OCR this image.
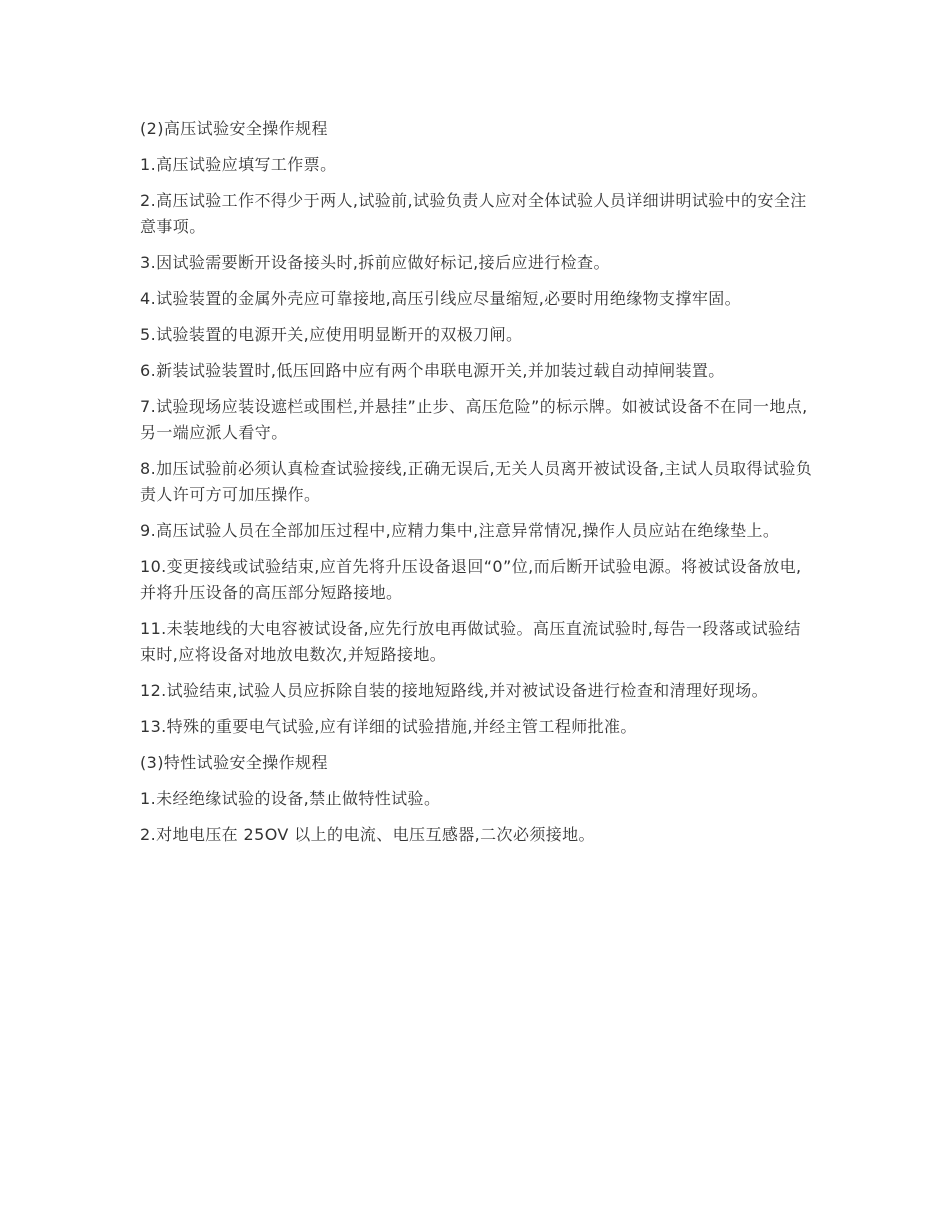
(2)高压试验安全操作规程

1.高压试验应填写工作票。

2.高压试验工作不得少于两人,试验前,试验负责人应对全体试验人员详细讲明试验中的安全注意事项。

3.因试验需要断开设备接头时,拆前应做好标记,接后应进行检查。

4.试验装置的金属外壳应可靠接地,高压引线应尽量缩短,必要时用绝缘物支撑牢固。

5.试验装置的电源开关,应使用明显断开的双极刀闸。

6.新装试验装置时,低压回路中应有两个串联电源开关,并加装过载自动掉闸装置。

7.试验现场应装设遮栏或围栏,并悬挂”止步、高压危险”的标示牌。如被试设备不在同一地点,另一端应派人看守。

8.加压试验前必须认真检查试验接线,正确无误后,无关人员离开被试设备,主试人员取得试验负责人许可方可加压操作。

9.高压试验人员在全部加压过程中,应精力集中,注意异常情况,操作人员应站在绝缘垫上。

10.变更接线或试验结束,应首先将升压设备退回“0”位,而后断开试验电源。将被试设备放电,并将升压设备的高压部分短路接地。

11.未装地线的大电容被试设备,应先行放电再做试验。高压直流试验时,每告一段落或试验结束时,应将设备对地放电数次,并短路接地。

12.试验结束,试验人员应拆除自装的接地短路线,并对被试设备进行检查和清理好现场。

13.特殊的重要电气试验,应有详细的试验措施,并经主管工程师批准。

(3)特性试验安全操作规程

1.未经绝缘试验的设备,禁止做特性试验。

2.对地电压在 25OV 以上的电流、电压互感器,二次必须接地。
